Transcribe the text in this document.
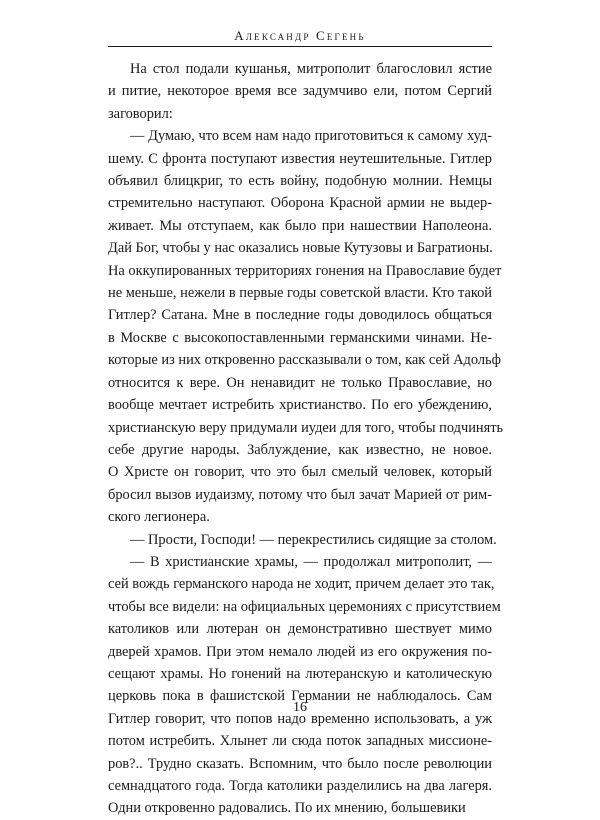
Александр Сегень

На стол подали кушанья, митрополит благословил ястие
и питие, некоторое время все задумчиво ели, потом Сергий
заговорил:

— Думаю, что всем нам надо приготовиться к самому худ-
шему. С фронта поступают известия неутешительные. Гитлер
объявил блицкриг, то есть войну, подобную молнии. Немцы
стремительно наступают. Оборона Красной армии не выдер-
живает. Мы отступаем, как было при нашествии Наполеона.
Дай Бог, чтобы у нас оказались новые Кутузовы и Багратионы.
На оккупированных территориях гонения на Православие будет
не меньше, нежели в первые годы советской власти. Кто такой
Гитлер? Сатана. Мне в последние годы доводилось общаться
в Москве с высокопоставленными германскими чинами. Не-
которые из них откровенно рассказывали о том, как сей Адольф
относится к вере. Он ненавидит не только Православие, но
вообще мечтает истребить христианство. По его убеждению,
христианскую веру придумали иудеи для того, чтобы подчинять
себе другие народы. Заблуждение, как известно, не новое.
О Христе он говорит, что это был смелый человек, который
бросил вызов иудаизму, потому что был зачат Марией от рим-
ского легионера.

— Прости, Господи! — перекрестились сидящие за столом.

— В христианские храмы, — продолжал митрополит, —
сей вождь германского народа не ходит, причем делает это так,
чтобы все видели: на официальных церемониях с присутствием
католиков или лютеран он демонстративно шествует мимо
дверей храмов. При этом немало людей из его окружения по-
сещают храмы. Но гонений на лютеранскую и католическую
церковь пока в фашистской Германии не наблюдалось. Сам
Гитлер говорит, что попов надо временно использовать, а уж
потом истребить. Хлынет ли сюда поток западных миссионе-
ров?.. Трудно сказать. Вспомним, что было после революции
семнадцатого года. Тогда католики разделились на два лагеря.
Одни откровенно радовались. По их мнению, большевики

16
